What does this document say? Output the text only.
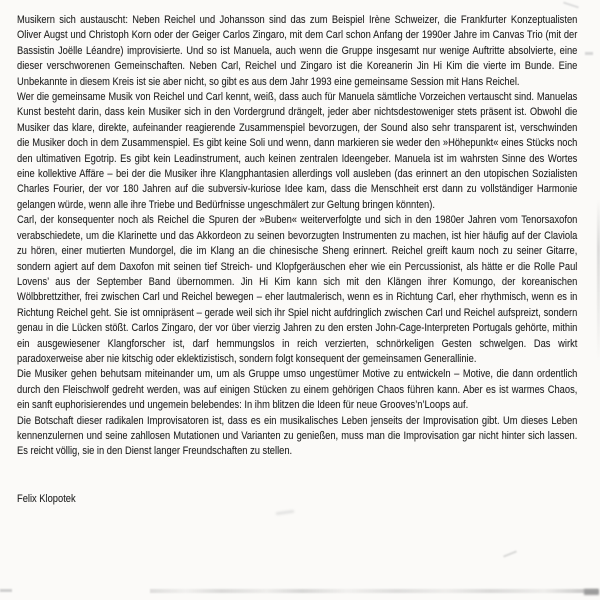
Musikern sich austauscht: Neben Reichel und Johansson sind das zum Beispiel Irène Schweizer, die Frankfurter Konzeptualisten Oliver Augst und Christoph Korn oder der Geiger Carlos Zingaro, mit dem Carl schon Anfang der 1990er Jahre im Canvas Trio (mit der Bassistin Joëlle Léandre) improvisierte. Und so ist Manuela, auch wenn die Gruppe insgesamt nur wenige Auftritte absolvierte, eine dieser verschworenen Gemeinschaften. Neben Carl, Reichel und Zingaro ist die Koreanerin Jin Hi Kim die vierte im Bunde. Eine Unbekannte in diesem Kreis ist sie aber nicht, so gibt es aus dem Jahr 1993 eine gemeinsame Session mit Hans Reichel.

Wer die gemeinsame Musik von Reichel und Carl kennt, weiß, dass auch für Manuela sämtliche Vorzeichen vertauscht sind. Manuelas Kunst besteht darin, dass kein Musiker sich in den Vordergrund drängelt, jeder aber nichtsdestoweniger stets präsent ist. Obwohl die Musiker das klare, direkte, aufeinander reagierende Zusammenspiel bevorzugen, der Sound also sehr transparent ist, verschwinden die Musiker doch in dem Zusammenspiel. Es gibt keine Soli und wenn, dann markieren sie weder den »Höhepunkt« eines Stücks noch den ultimativen Egotrip. Es gibt kein Leadinstrument, auch keinen zentralen Ideengeber. Manuela ist im wahrsten Sinne des Wortes eine kollektive Affäre – bei der die Musiker ihre Klangphantasien allerdings voll ausleben (das erinnert an den utopischen Sozialisten Charles Fourier, der vor 180 Jahren auf die subversiv-kuriose Idee kam, dass die Menschheit erst dann zu vollständiger Harmonie gelangen würde, wenn alle ihre Triebe und Bedürfnisse ungeschmälert zur Geltung bringen könnten).

Carl, der konsequenter noch als Reichel die Spuren der »Buben« weiterverfolgte und sich in den 1980er Jahren vom Tenorsaxofon verabschiedete, um die Klarinette und das Akkordeon zu seinen bevorzugten Instrumenten zu machen, ist hier häufig auf der Claviola zu hören, einer mutierten Mundorgel, die im Klang an die chinesische Sheng erinnert. Reichel greift kaum noch zu seiner Gitarre, sondern agiert auf dem Daxofon mit seinen tief Streich- und Klopfgeräuschen eher wie ein Percussionist, als hätte er die Rolle Paul Lovens’ aus der September Band übernommen. Jin Hi Kim kann sich mit den Klängen ihrer Komungo, der koreanischen Wölbbrettzither, frei zwischen Carl und Reichel bewegen – eher lautmalerisch, wenn es in Richtung Carl, eher rhythmisch, wenn es in Richtung Reichel geht. Sie ist omnipräsent – gerade weil sich ihr Spiel nicht aufdringlich zwischen Carl und Reichel aufspreizt, sondern genau in die Lücken stößt. Carlos Zingaro, der vor über vierzig Jahren zu den ersten John-Cage-Interpreten Portugals gehörte, mithin ein ausgewiesener Klangforscher ist, darf hemmungslos in reich verzierten, schnörkeligen Gesten schwelgen. Das wirkt paradoxerweise aber nie kitschig oder eklektizistisch, sondern folgt konsequent der gemeinsamen Generallinie.

Die Musiker gehen behutsam miteinander um, um als Gruppe umso ungestümer Motive zu entwickeln – Motive, die dann ordentlich durch den Fleischwolf gedreht werden, was auf einigen Stücken zu einem gehörigen Chaos führen kann. Aber es ist warmes Chaos, ein sanft euphorisierendes und ungemein belebendes: In ihm blitzen die Ideen für neue Grooves’n’Loops auf.

Die Botschaft dieser radikalen Improvisatoren ist, dass es ein musikalisches Leben jenseits der Improvisation gibt. Um dieses Leben kennenzulernen und seine zahllosen Mutationen und Varianten zu genießen, muss man die Improvisation gar nicht hinter sich lassen. Es reicht völlig, sie in den Dienst langer Freundschaften zu stellen.

Felix Klopotek
